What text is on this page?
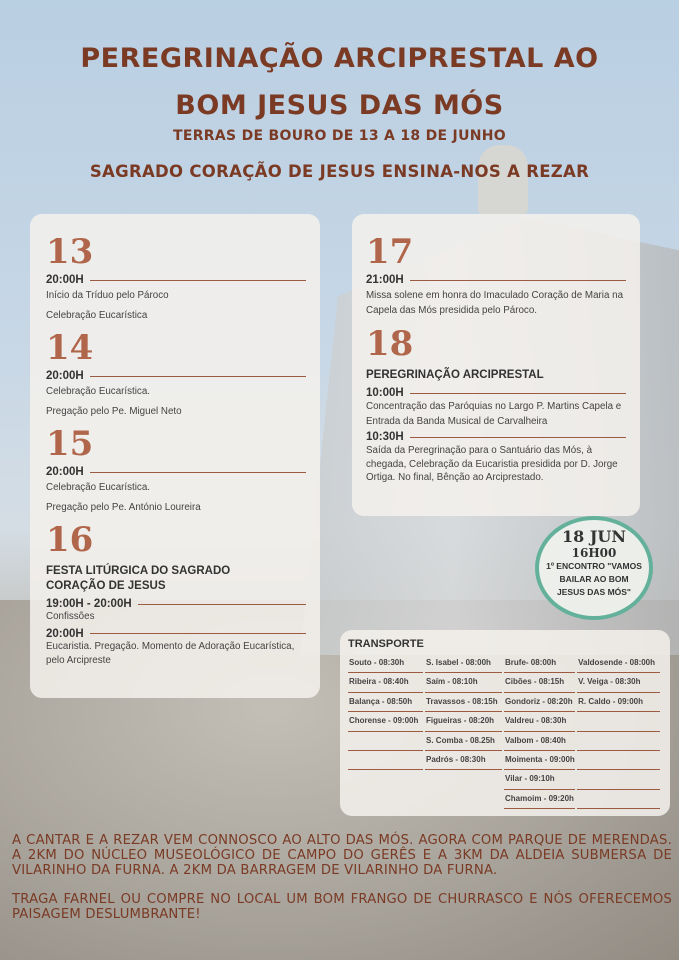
PEREGRINAÇÃO ARCIPRESTAL AO
BOM JESUS DAS MÓS
TERRAS DE BOURO DE 13 A 18 DE JUNHO
SAGRADO CORAÇÃO DE JESUS ENSINA-NOS A REZAR
13
20:00H

Início da Tríduo pelo Pároco

Celebração Eucarística

14
20:00H

Celebração Eucarística.

Pregação pelo Pe. Miguel Neto

15
20:00H

Celebração Eucarística.

Pregação pelo Pe. António Loureira

16
FESTA LITÚRGICA DO SAGRADO CORAÇÃO DE JESUS
19:00H - 20:00H
Confissões
20:00H
Eucaristia. Pregação. Momento de Adoração Eucarística, pelo Arcipreste
17
21:00H
Missa solene em honra do Imaculado Coração de Maria na Capela das Mós presidida pelo Pároco.
18
PEREGRINAÇÃO ARCIPRESTAL
10:00H
Concentração das Paróquias no Largo P. Martins Capela e Entrada da Banda Musical de Carvalheira
10:30H
Saída da Peregrinação para o Santuário das Mós, à chegada, Celebração da Eucaristia presidida por D. Jorge Ortiga. No final, Bênção ao Arciprestado.
18 JUN
16H00
1º ENCONTRO "VAMOS BAILAR AO BOM JESUS DAS MÓS"
TRANSPORTE
Souto - 08:30h
Ribeira - 08:40h
Balança - 08:50h
Chorense - 09:00h
S. Isabel - 08:00h
Saím - 08:10h
Travassos - 08:15h
Figueiras - 08:20h
S. Comba - 08.25h
Padrós - 08:30h
Brufe- 08:00h
Cibões - 08:15h
Gondoriz - 08:20h
Valdreu - 08:30h
Valbom - 08:40h
Moimenta - 09:00h
Vilar - 09:10h
Chamoim - 09:20h
Valdosende - 08:00h
V. Veiga - 08:30h
R. Caldo - 09:00h

A CANTAR E A REZAR VEM CONNOSCO AO ALTO DAS MÓS. AGORA COM PARQUE DE MERENDAS. A 2KM DO NÚCLEO MUSEOLÓGICO DE CAMPO DO GERÊS E A 3KM DA ALDEIA SUBMERSA DE VILARINHO DA FURNA. A 2KM DA BARRAGEM DE VILARINHO DA FURNA.

TRAGA FARNEL OU COMPRE NO LOCAL UM BOM FRANGO DE CHURRASCO E NÓS OFERECEMOS PAISAGEM DESLUMBRANTE!
